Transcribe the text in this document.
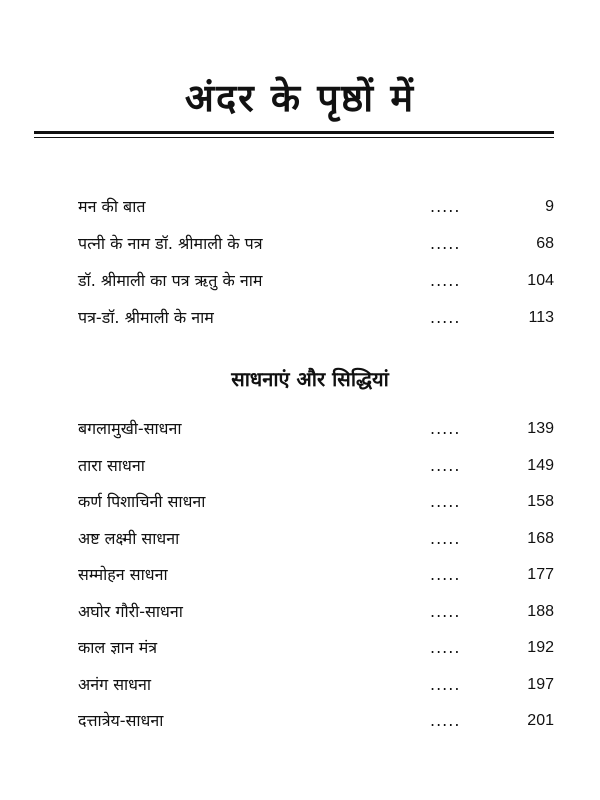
अंदर के पृष्ठों में
मन की बात	.....	9
पत्नी के नाम डॉ. श्रीमाली के पत्र	.....	68
डॉ. श्रीमाली का पत्र ऋतु के नाम	.....	104
पत्र-डॉ. श्रीमाली के नाम	.....	113
साधनाएं और सिद्धियां
बगलामुखी-साधना	.....	139
तारा साधना	.....	149
कर्ण पिशाचिनी साधना	.....	158
अष्ट लक्ष्मी साधना	.....	168
सम्मोहन साधना	.....	177
अघोर गौरी-साधना	.....	188
काल ज्ञान मंत्र	.....	192
अनंग साधना	.....	197
दत्तात्रेय-साधना	.....	201
